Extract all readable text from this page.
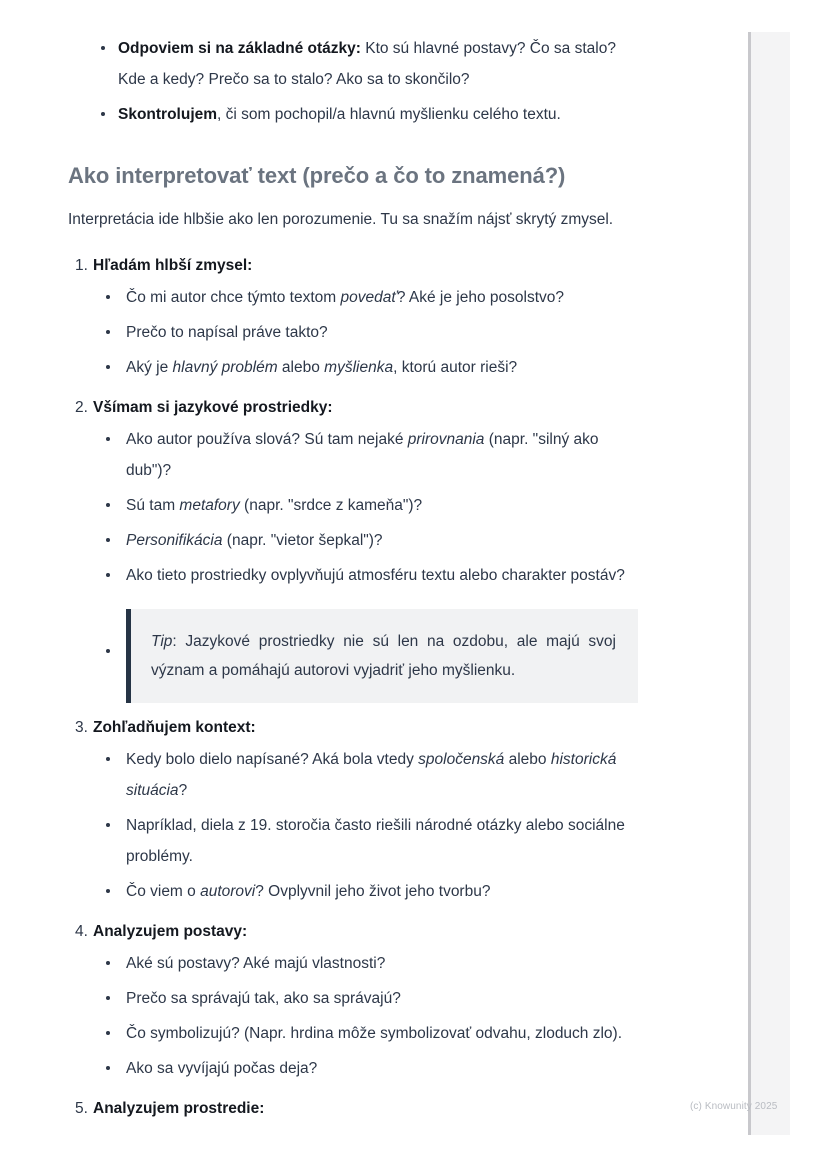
(c) Knowunity 2025
Odpoviem si na základné otázky: Kto sú hlavné postavy? Čo sa stalo? Kde a kedy? Prečo sa to stalo? Ako sa to skončilo?
Skontrolujem, či som pochopil/a hlavnú myšlienku celého textu.
Ako interpretovať text (prečo a čo to znamená?)

Interpretácia ide hlbšie ako len porozumenie. Tu sa snažím nájsť skrytý zmysel.

Hľadám hlbší zmysel:
Čo mi autor chce týmto textom povedať? Aké je jeho posolstvo?
Prečo to napísal práve takto?
Aký je hlavný problém alebo myšlienka, ktorú autor rieši?
Všímam si jazykové prostriedky:
Ako autor používa slová? Sú tam nejaké prirovnania (napr. "silný ako dub")?
Sú tam metafory (napr. "srdce z kameňa")?
Personifikácia (napr. "vietor šepkal")?
Ako tieto prostriedky ovplyvňujú atmosféru textu alebo charakter postáv?
Tip: Jazykové prostriedky nie sú len na ozdobu, ale majú svoj význam a pomáhajú autorovi vyjadriť jeho myšlienku.
Zohľadňujem kontext:
Kedy bolo dielo napísané? Aká bola vtedy spoločenská alebo historická situácia?
Napríklad, diela z 19. storočia často riešili národné otázky alebo sociálne problémy.
Čo viem o autorovi? Ovplyvnil jeho život jeho tvorbu?
Analyzujem postavy:
Aké sú postavy? Aké majú vlastnosti?
Prečo sa správajú tak, ako sa správajú?
Čo symbolizujú? (Napr. hrdina môže symbolizovať odvahu, zloduch zlo).
Ako sa vyvíjajú počas deja?
Analyzujem prostredie:
